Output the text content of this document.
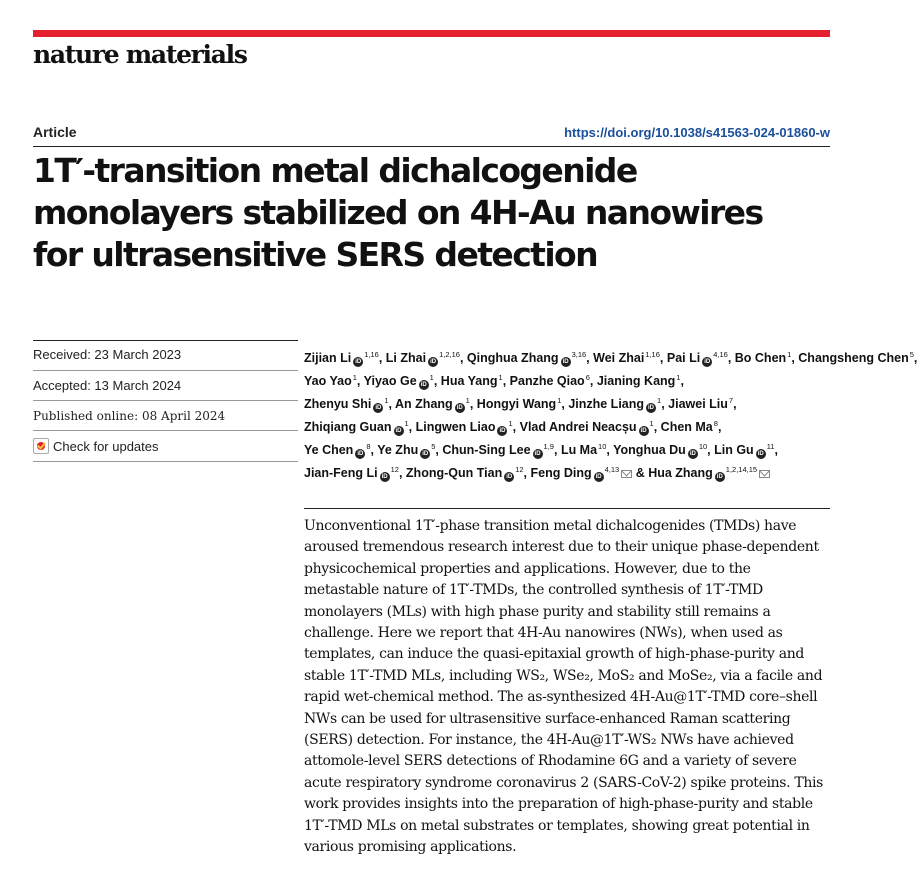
nature materials
Article	https://doi.org/10.1038/s41563-024-01860-w
1T′-transition metal dichalcogenide
monolayers stabilized on 4H-Au nanowires
for ultrasensitive SERS detection
Received: 23 March 2023
Accepted: 13 March 2024
Published online: 08 April 2024
Check for updates
Zijian Li iD$^{1,16}$, Li Zhai iD$^{1,2,16}$, Qinghua Zhang iD$^{3,16}$, Wei Zhai$^{1,16}$, Pai Li iD$^{4,16}$, Bo Chen$^1$, Changsheng Chen$^5$
Yao Yao$^1$, Yiyao Ge $iD^1$, Hua Yang$^1$, Panzhe Qiao$^6$, Jianing Kang$^1$,
Zhenyu Shi $iD^1$, An Zhang $iD^1$, Hongyi Wang$^1$, Jinzhe Liang $iD^1$, Jiawei Liu$^7$,
Zhiqiang Guan $iD^1$, Lingwen Liao $iD^1$, Vlad Andrei Neacșu $iD^1$, Chen Ma$^8$,
Ye Chen $iD^8$, Ye Zhu $iD^5$, Chun-Sing Lee iD$^{1,9}$, Lu Ma$^{10}$, Yonghua Du $iD^{10}$, Lin Gu $iD^{11}$,
Jian-Feng Li $iD^{12}$, Zhong-Qun Tian $iD^{12}$, Feng Ding iD$^{4,13}$ & Hua Zhang iD$^{1,2,14,15}$
Unconventional 1T′-phase transition metal dichalcogenides (TMDs) have
aroused tremendous research interest due to their unique phase-dependent
physicochemical properties and applications. However, due to the
metastable nature of 1T′-TMDs, the controlled synthesis of 1T′-TMD
monolayers (MLs) with high phase purity and stability still remains a
challenge. Here we report that 4H-Au nanowires (NWs), when used as
templates, can induce the quasi-epitaxial growth of high-phase-purity and
stable 1T′-TMD MLs, including WS₂, WSe₂, MoS₂ and MoSe₂, via a facile and
rapid wet-chemical method. The as-synthesized 4H-Au@1T′-TMD core–shell
NWs can be used for ultrasensitive surface-enhanced Raman scattering
(SERS) detection. For instance, the 4H-Au@1T′-WS₂ NWs have achieved
attomole-level SERS detections of Rhodamine 6G and a variety of severe
acute respiratory syndrome coronavirus 2 (SARS-CoV-2) spike proteins. This
work provides insights into the preparation of high-phase-purity and stable
1T′-TMD MLs on metal substrates or templates, showing great potential in
various promising applications.
